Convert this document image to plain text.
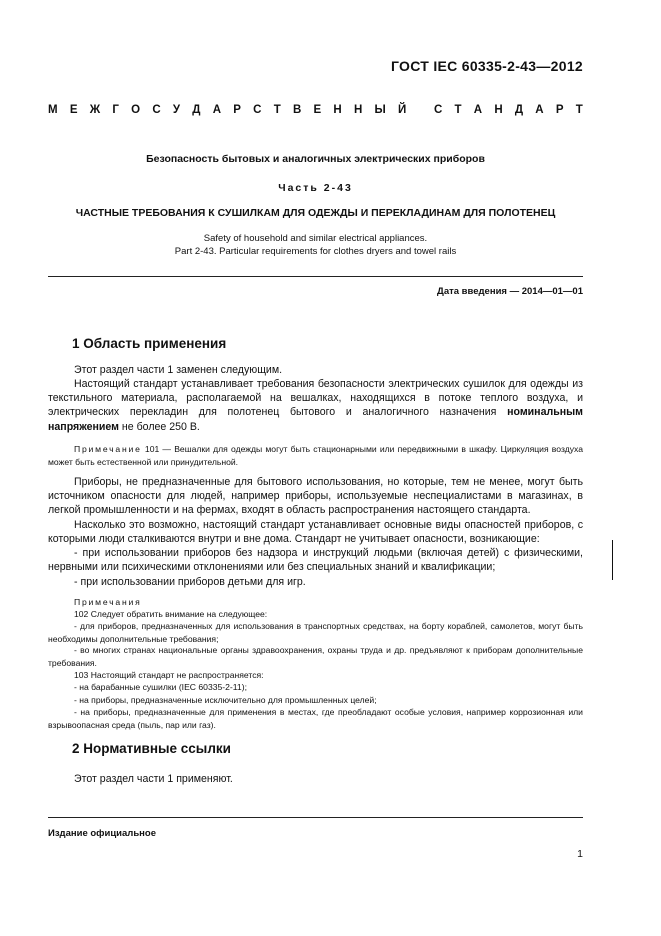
ГОСТ IEC 60335-2-43—2012
М Е Ж Г О С У Д А Р С Т В Е Н Н Ы Й
С Т А Н Д А Р Т
Безопасность бытовых и аналогичных электрических приборов
Часть 2-43
ЧАСТНЫЕ ТРЕБОВАНИЯ К СУШИЛКАМ ДЛЯ ОДЕЖДЫ И ПЕРЕКЛАДИНАМ ДЛЯ ПОЛОТЕНЕЦ
Safety of household and similar electrical appliances.
Part 2-43. Particular requirements for clothes dryers and towel rails
Дата введения — 2014—01—01
1 Область применения

Этот раздел части 1 заменен следующим.

Настоящий стандарт устанавливает требования безопасности электрических сушилок для одежды из текстильного материала, располагаемой на вешалках, находящихся в потоке теплого воздуха, и электрических перекладин для полотенец бытового и аналогичного назначения номинальным напряжением не более 250 В.

Примечание 101 — Вешалки для одежды могут быть стационарными или передвижными в шкафу. Циркуляция воздуха может быть естественной или принудительной.

Приборы, не предназначенные для бытового использования, но которые, тем не менее, могут быть источником опасности для людей, например приборы, используемые неспециалистами в магазинах, в легкой промышленности и на фермах, входят в область распространения настоящего стандарта.

Насколько это возможно, настоящий стандарт устанавливает основные виды опасностей приборов, с которыми люди сталкиваются внутри и вне дома. Стандарт не учитывает опасности, возникающие:

- при использовании приборов без надзора и инструкций людьми (включая детей) с физическими, нервными или психическими отклонениями или без специальных знаний и квалификации;

- при использовании приборов детьми для игр.

Примечания

102 Следует обратить внимание на следующее:

- для приборов, предназначенных для использования в транспортных средствах, на борту кораблей, самолетов, могут быть необходимы дополнительные требования;

- во многих странах национальные органы здравоохранения, охраны труда и др. предъявляют к приборам дополнительные требования.

103 Настоящий стандарт не распространяется:

- на барабанные сушилки (IEC 60335-2-11);

- на приборы, предназначенные исключительно для промышленных целей;

- на приборы, предназначенные для применения в местах, где преобладают особые условия, например коррозионная или взрывоопасная среда (пыль, пар или газ).

2 Нормативные ссылки

Этот раздел части 1 применяют.

Издание официальное
1
